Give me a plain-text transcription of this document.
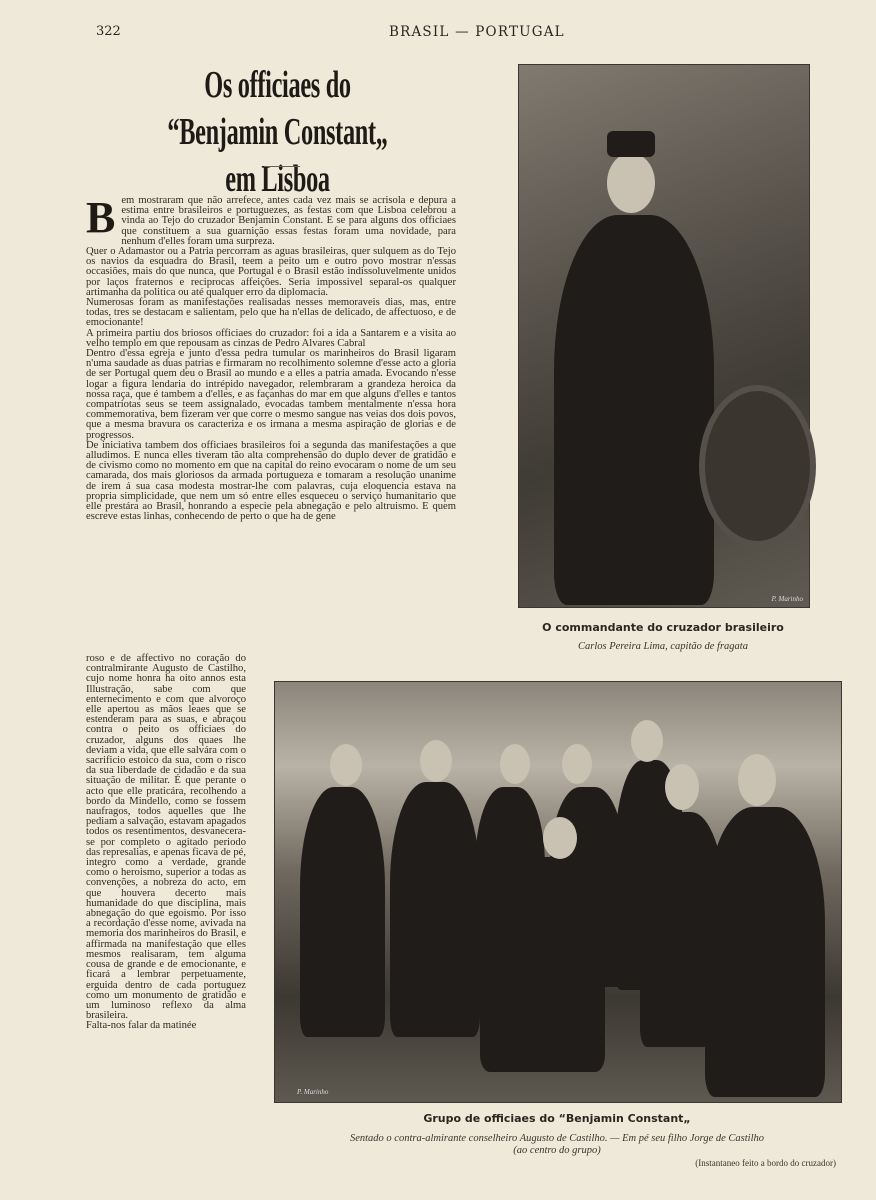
322	BRASIL — PORTUGAL
Os officiaes do “Benjamin Constant„
em Lisboa

Bem mostraram que não arrefece, antes cada vez mais se acrisola e depura a estima entre brasileiros e portuguezes, as festas com que Lisboa celebrou a vinda ao Tejo do cruzador Benjamin Constant. E se para alguns dos officiaes que constituem a sua guarnição essas festas foram uma novidade, para nenhum d'elles foram uma surpreza.

Quer o Adamastor ou a Patria percorram as aguas brasileiras, quer sulquem as do Tejo os navios da esquadra do Brasil, teem a peito um e outro povo mostrar n'essas occasiões, mais do que nunca, que Portugal e o Brasil estão indissoluvelmente unidos por laços fraternos e reciprocas affeições. Seria impossivel separal-os qualquer artimanha da politica ou até qualquer erro da diplomacia.

Numerosas foram as manifestações realisadas nesses memoraveis dias, mas, entre todas, tres se destacam e salientam, pelo que ha n'ellas de delicado, de affectuoso, e de emocionante!

A primeira partiu dos briosos officiaes do cruzador: foi a ida a Santarem e a visita ao velho templo em que repousam as cinzas de Pedro Alvares Cabral

Dentro d'essa egreja e junto d'essa pedra tumular os marinheiros do Brasil ligaram n'uma saudade as duas patrias e firmaram no recolhimento solemne d'esse acto a gloria de ser Portugal quem deu o Brasil ao mundo e a elles a patria amada. Evocando n'esse logar a figura lendaria do intrépido navegador, relembraram a grandeza heroica da nossa raça, que é tambem a d'elles, e as façanhas do mar em que alguns d'elles e tantos compatriotas seus se teem assignalado, evocadas tambem mentalmente n'essa hora commemorativa, bem fizeram ver que corre o mesmo sangue nas veias dos dois povos, que a mesma bravura os caracteriza e os irmana a mesma aspiração de glorias e de progressos.

De iniciativa tambem dos officiaes brasileiros foi a segunda das manifestações a que alludimos. E nunca elles tiveram tão alta comprehensão do duplo dever de gratidão e de civismo como no momento em que na capital do reino evocaram o nome de um seu camarada, dos mais gloriosos da armada portugueza e tomaram a resolução unanime de irem á sua casa modesta mostrar-lhe com palavras, cuja eloquencia estava na propria simplicidade, que nem um só entre elles esqueceu o serviço humanitario que elle prestára ao Brasil, honrando a especie pela abnegação e pelo altruismo. E quem escreve estas linhas, conhecendo de perto o que ha de gene

roso e de affectivo no coração do contralmirante Augusto de Castilho, cujo nome honra ha oito annos esta Illustração, sabe com que enternecimento e com que alvoroço elle apertou as mãos leaes que se estenderam para as suas, e abraçou contra o peito os officiaes do cruzador, alguns dos quaes lhe deviam a vida, que elle salvára com o sacrificio estoico da sua, com o risco da sua liberdade de cidadão e da sua situação de militar. É que perante o acto que elle praticára, recolhendo a bordo da Mindello, como se fossem naufragos, todos aquelles que lhe pediam a salvação, estavam apagados todos os resentimentos, desvanecera-se por completo o agitado periodo das represalias, e apenas ficava de pé, integro como a verdade, grande como o heroismo, superior a todas as convenções, a nobreza do acto, em que houvera decerto mais humanidade do que disciplina, mais abnegação do que egoismo. Por isso a recordação d'esse nome, avivada na memoria dos marinheiros do Brasil, e affirmada na manifestação que elles mesmos realisaram, tem alguma cousa de grande e de emocionante, e ficará a lembrar perpetuamente, erguida dentro de cada portuguez como um monumento de gratidão e um luminoso reflexo da alma brasileira.

Falta-nos falar da matinée

P. Marinho
O commandante do cruzador brasileiro
Carlos Pereira Lima, capitão de fragata
P. Marinho
Grupo de officiaes do “Benjamin Constant„
Sentado o contra-almirante conselheiro Augusto de Castilho. — Em pé seu filho Jorge de Castilho
(ao centro do grupo)
(Instantaneo feito a bordo do cruzador)
